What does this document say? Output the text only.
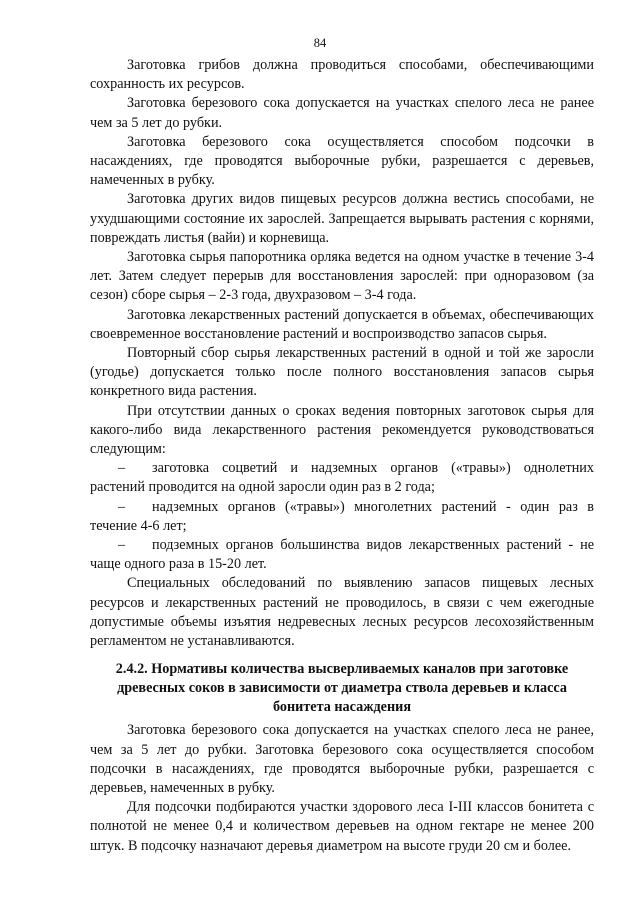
84

Заготовка грибов должна проводиться способами, обеспечивающими сохранность их ресурсов.

Заготовка березового сока допускается на участках спелого леса не ранее чем за 5 лет до рубки.

Заготовка березового сока осуществляется способом подсочки в насаждениях, где проводятся выборочные рубки, разрешается с деревьев, намеченных в рубку.

Заготовка других видов пищевых ресурсов должна вестись способами, не ухудшающими состояние их зарослей. Запрещается вырывать растения с корнями, повреждать листья (вайи) и корневища.

Заготовка сырья папоротника орляка ведется на одном участке в течение 3-4 лет. Затем следует перерыв для восстановления зарослей: при одноразовом (за сезон) сборе сырья – 2-3 года, двухразовом – 3-4 года.

Заготовка лекарственных растений допускается в объемах, обеспечивающих своевременное восстановление растений и воспроизводство запасов сырья.

Повторный сбор сырья лекарственных растений в одной и той же заросли (угодье) допускается только после полного восстановления запасов сырья конкретного вида растения.

При отсутствии данных о сроках ведения повторных заготовок сырья для какого-либо вида лекарственного растения рекомендуется руководствоваться следующим:

– заготовка соцветий и надземных органов («травы») однолетних растений проводится на одной заросли один раз в 2 года;

– надземных органов («травы») многолетних растений - один раз в течение 4-6 лет;

– подземных органов большинства видов лекарственных растений - не чаще одного раза в 15-20 лет.

Специальных обследований по выявлению запасов пищевых лесных ресурсов и лекарственных растений не проводилось, в связи с чем ежегодные допустимые объемы изъятия недревесных лесных ресурсов лесохозяйственным регламентом не устанавливаются.

2.4.2. Нормативы количества высверливаемых каналов при заготовке древесных соков в зависимости от диаметра ствола деревьев и класса бонитета насаждения

Заготовка березового сока допускается на участках спелого леса не ранее, чем за 5 лет до рубки. Заготовка березового сока осуществляется способом подсочки в насаждениях, где проводятся выборочные рубки, разрешается с деревьев, намеченных в рубку.

Для подсочки подбираются участки здорового леса I-III классов бонитета с полнотой не менее 0,4 и количеством деревьев на одном гектаре не менее 200 штук. В подсочку назначают деревья диаметром на высоте груди 20 см и более.
